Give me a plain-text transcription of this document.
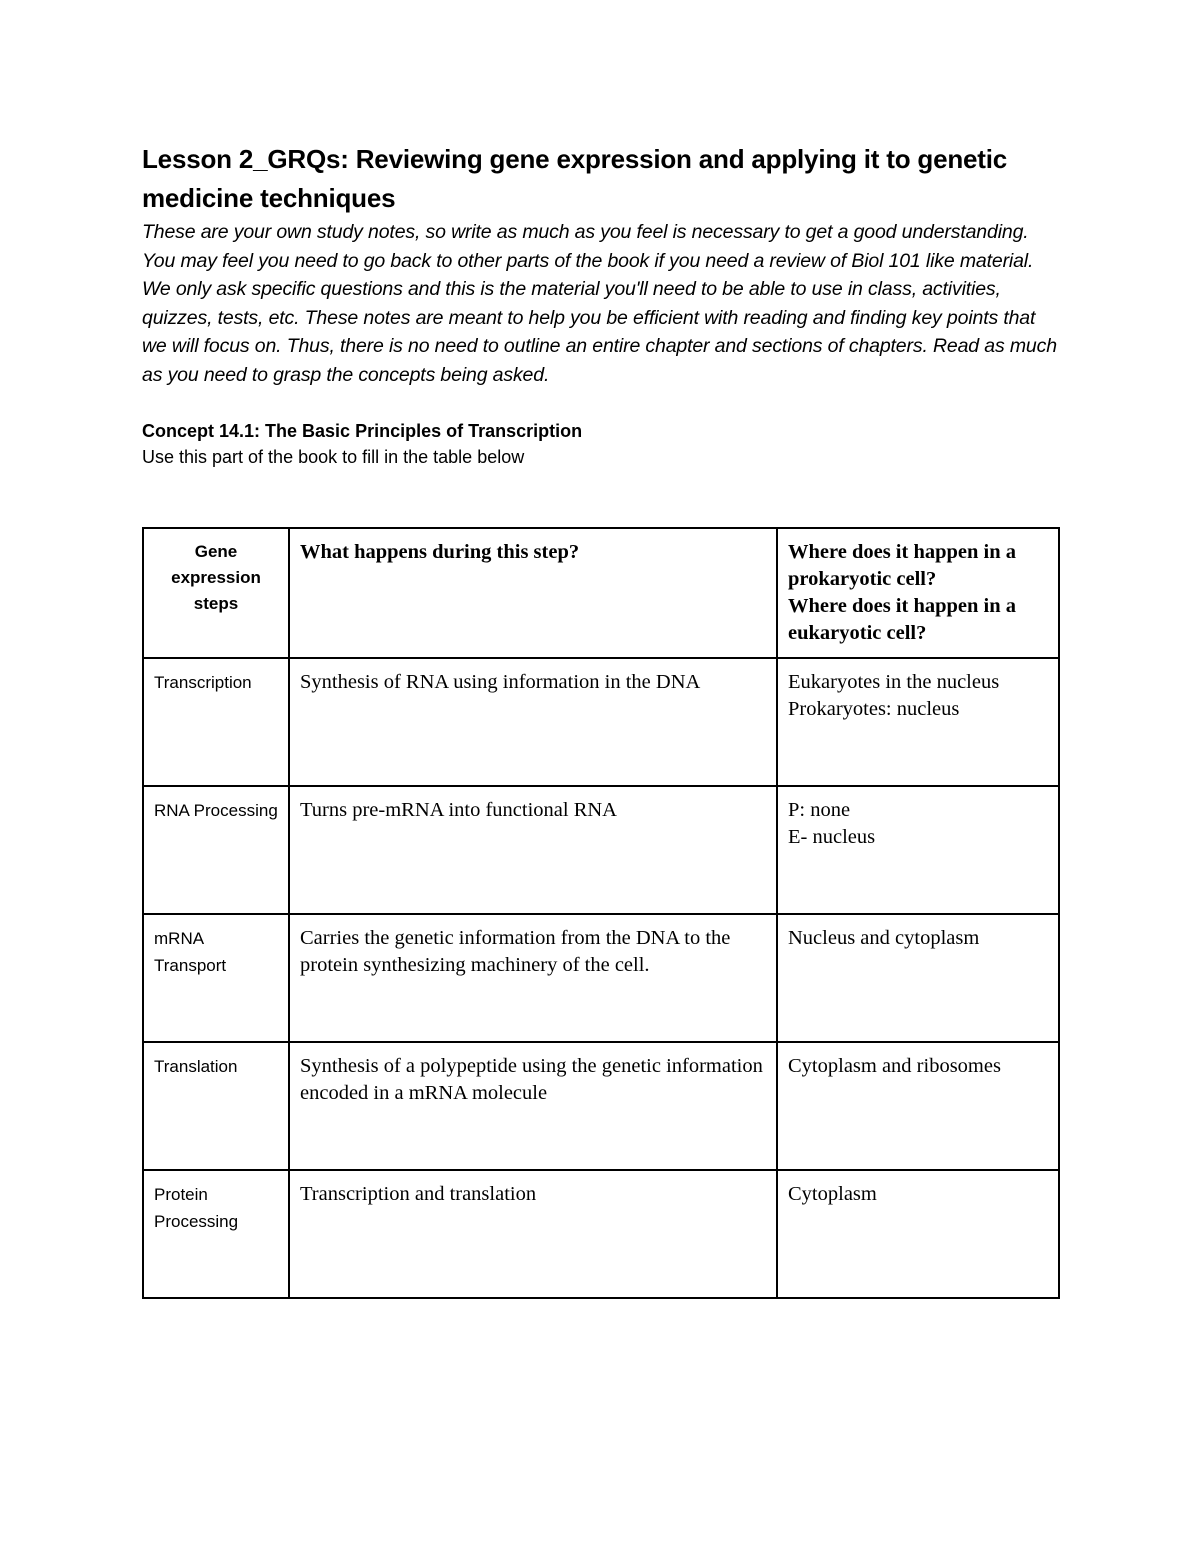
Lesson 2_GRQs: Reviewing gene expression and applying it to genetic medicine techniques

These are your own study notes, so write as much as you feel is necessary to get a good understanding. You may feel you need to go back to other parts of the book if you need a review of Biol 101 like material. We only ask specific questions and this is the material you'll need to be able to use in class, activities, quizzes, tests, etc. These notes are meant to help you be efficient with reading and finding key points that we will focus on. Thus, there is no need to outline an entire chapter and sections of chapters. Read as much as you need to grasp the concepts being asked.

Concept 14.1: The Basic Principles of Transcription

Use this part of the book to fill in the table below

Gene expression steps	What happens during this step?	Where does it happen in a prokaryotic cell?
Where does it happen in a eukaryotic cell?

Transcription	Synthesis of RNA using information in the DNA	Eukaryotes in the nucleus
Prokaryotes: nucleus

RNA Processing	Turns pre-mRNA into functional RNA	P: none
E- nucleus

mRNA Transport	Carries the genetic information from the DNA to the protein synthesizing machinery of the cell.	Nucleus and cytoplasm

Translation	Synthesis of a polypeptide using the genetic information encoded in a mRNA molecule	Cytoplasm and ribosomes

Protein Processing	Transcription and translation	Cytoplasm
